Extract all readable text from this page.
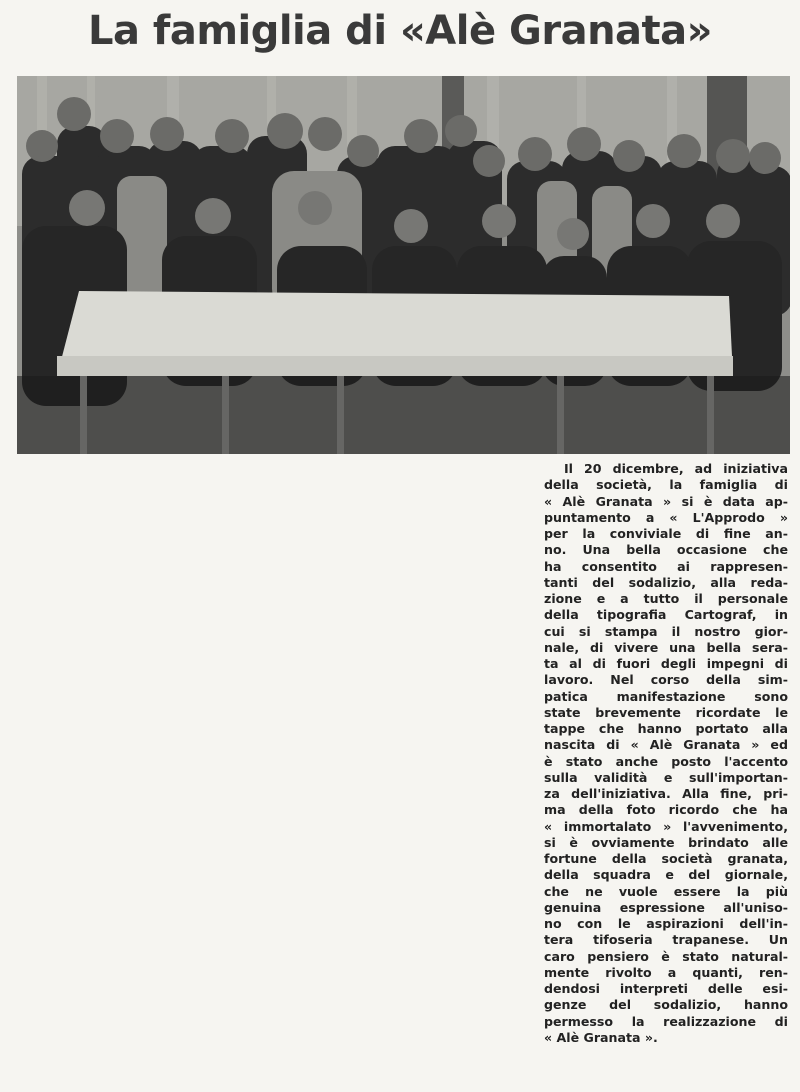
La famiglia di «Alè Granata»
Il 20 dicembre, ad iniziativa
della società, la famiglia di
« Alè Granata » si è data ap-
puntamento a « L'Approdo »
per la conviviale di fine an-
no. Una bella occasione che
ha consentito ai rappresen-
tanti del sodalizio, alla reda-
zione e a tutto il personale
della tipografia Cartograf, in
cui si stampa il nostro gior-
nale, di vivere una bella sera-
ta al di fuori degli impegni di
lavoro. Nel corso della sim-
patica manifestazione sono
state brevemente ricordate le
tappe che hanno portato alla
nascita di « Alè Granata » ed
è stato anche posto l'accento
sulla validità e sull'importan-
za dell'iniziativa. Alla fine, pri-
ma della foto ricordo che ha
« immortalato » l'avvenimento,
si è ovviamente brindato alle
fortune della società granata,
della squadra e del giornale,
che ne vuole essere la più
genuina espressione all'uniso-
no con le aspirazioni dell'in-
tera tifoseria trapanese. Un
caro pensiero è stato natural-
mente rivolto a quanti, ren-
dendosi interpreti delle esi-
genze del sodalizio, hanno
permesso la realizzazione di
« Alè Granata ».
